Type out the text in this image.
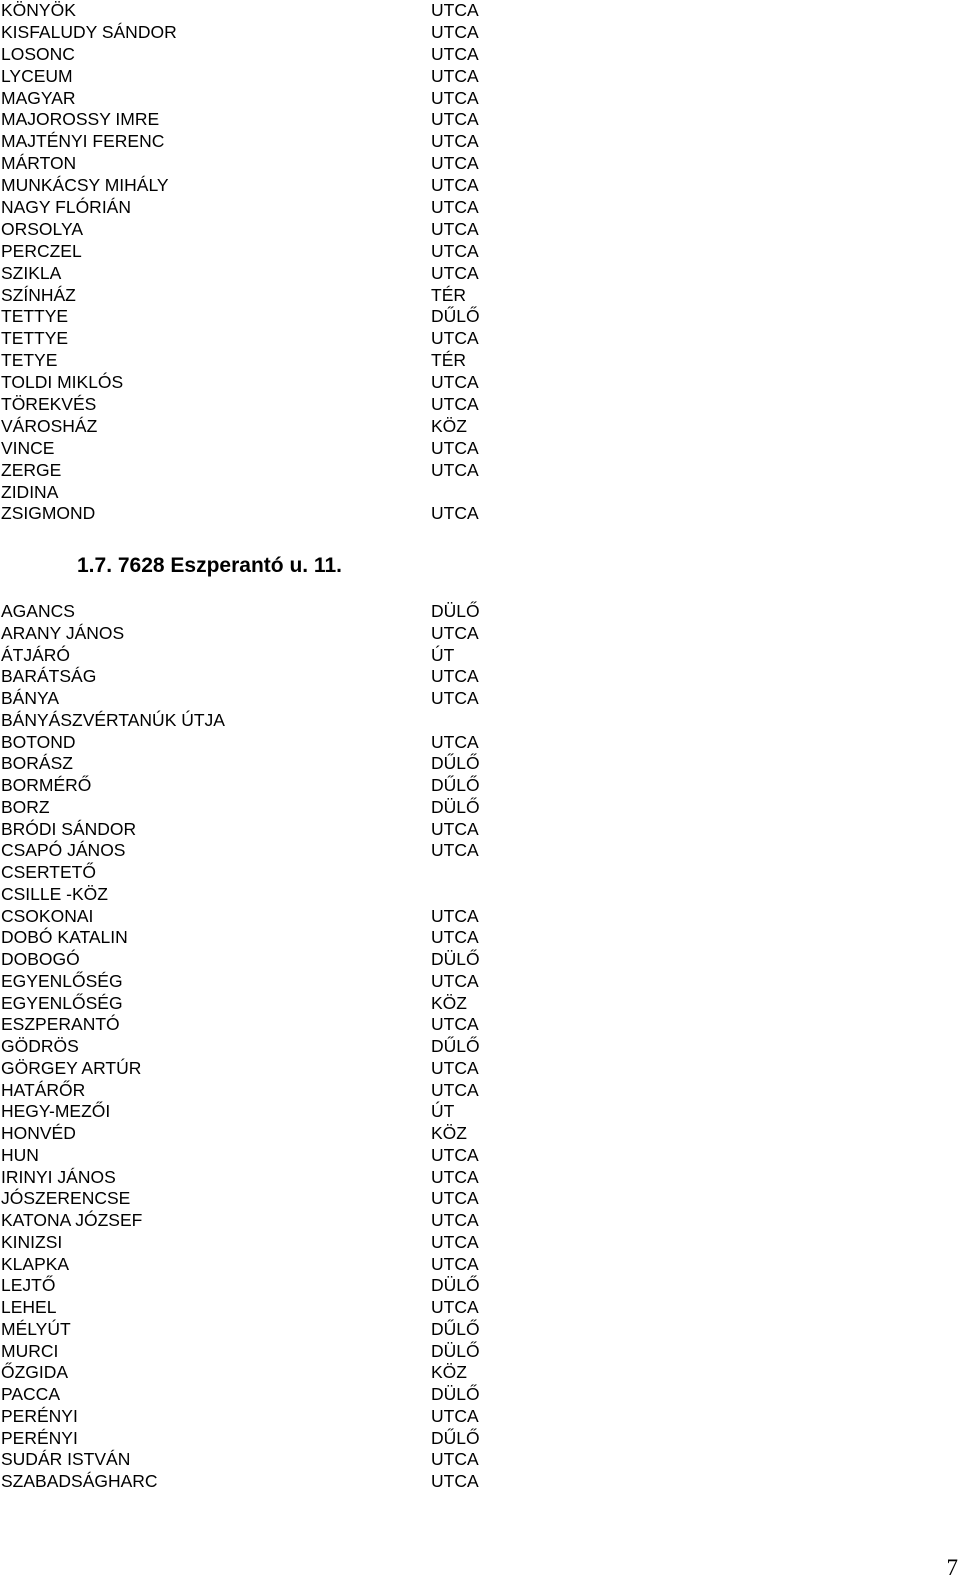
KÖNYÖK	UTCA
KISFALUDY SÁNDOR	UTCA
LOSONC	UTCA
LYCEUM	UTCA
MAGYAR	UTCA
MAJOROSSY IMRE	UTCA
MAJTÉNYI FERENC	UTCA
MÁRTON	UTCA
MUNKÁCSY MIHÁLY	UTCA
NAGY FLÓRIÁN	UTCA
ORSOLYA	UTCA
PERCZEL	UTCA
SZIKLA	UTCA
SZÍNHÁZ	TÉR
TETTYE	DŰLŐ
TETTYE	UTCA
TETYE	TÉR
TOLDI MIKLÓS	UTCA
TÖREKVÉS	UTCA
VÁROSHÁZ	KÖZ
VINCE	UTCA
ZERGE	UTCA
ZIDINA
ZSIGMOND	UTCA
1.7. 7628 Eszperantó u. 11.
AGANCS	DÜLŐ
ARANY JÁNOS	UTCA
ÁTJÁRÓ	ÚT
BARÁTSÁG	UTCA
BÁNYA	UTCA
BÁNYÁSZVÉRTANÚK ÚTJA
BOTOND	UTCA
BORÁSZ	DŰLŐ
BORMÉRŐ	DŰLŐ
BORZ	DÜLŐ
BRÓDI SÁNDOR	UTCA
CSAPÓ JÁNOS	UTCA
CSERTETŐ
CSILLE -KÖZ
CSOKONAI	UTCA
DOBÓ KATALIN	UTCA
DOBOGÓ	DÜLŐ
EGYENLŐSÉG	UTCA
EGYENLŐSÉG	KÖZ
ESZPERANTÓ	UTCA
GÖDRÖS	DŰLŐ
GÖRGEY ARTÚR	UTCA
HATÁRŐR	UTCA
HEGY-MEZŐI	ÚT
HONVÉD	KÖZ
HUN	UTCA
IRINYI JÁNOS	UTCA
JÓSZERENCSE	UTCA
KATONA JÓZSEF	UTCA
KINIZSI	UTCA
KLAPKA	UTCA
LEJTŐ	DÜLŐ
LEHEL	UTCA
MÉLYÚT	DŰLŐ
MURCI	DÜLŐ
ŐZGIDA	KÖZ
PACCA	DÜLŐ
PERÉNYI	UTCA
PERÉNYI	DŰLŐ
SUDÁR ISTVÁN	UTCA
SZABADSÁGHARC	UTCA
7
